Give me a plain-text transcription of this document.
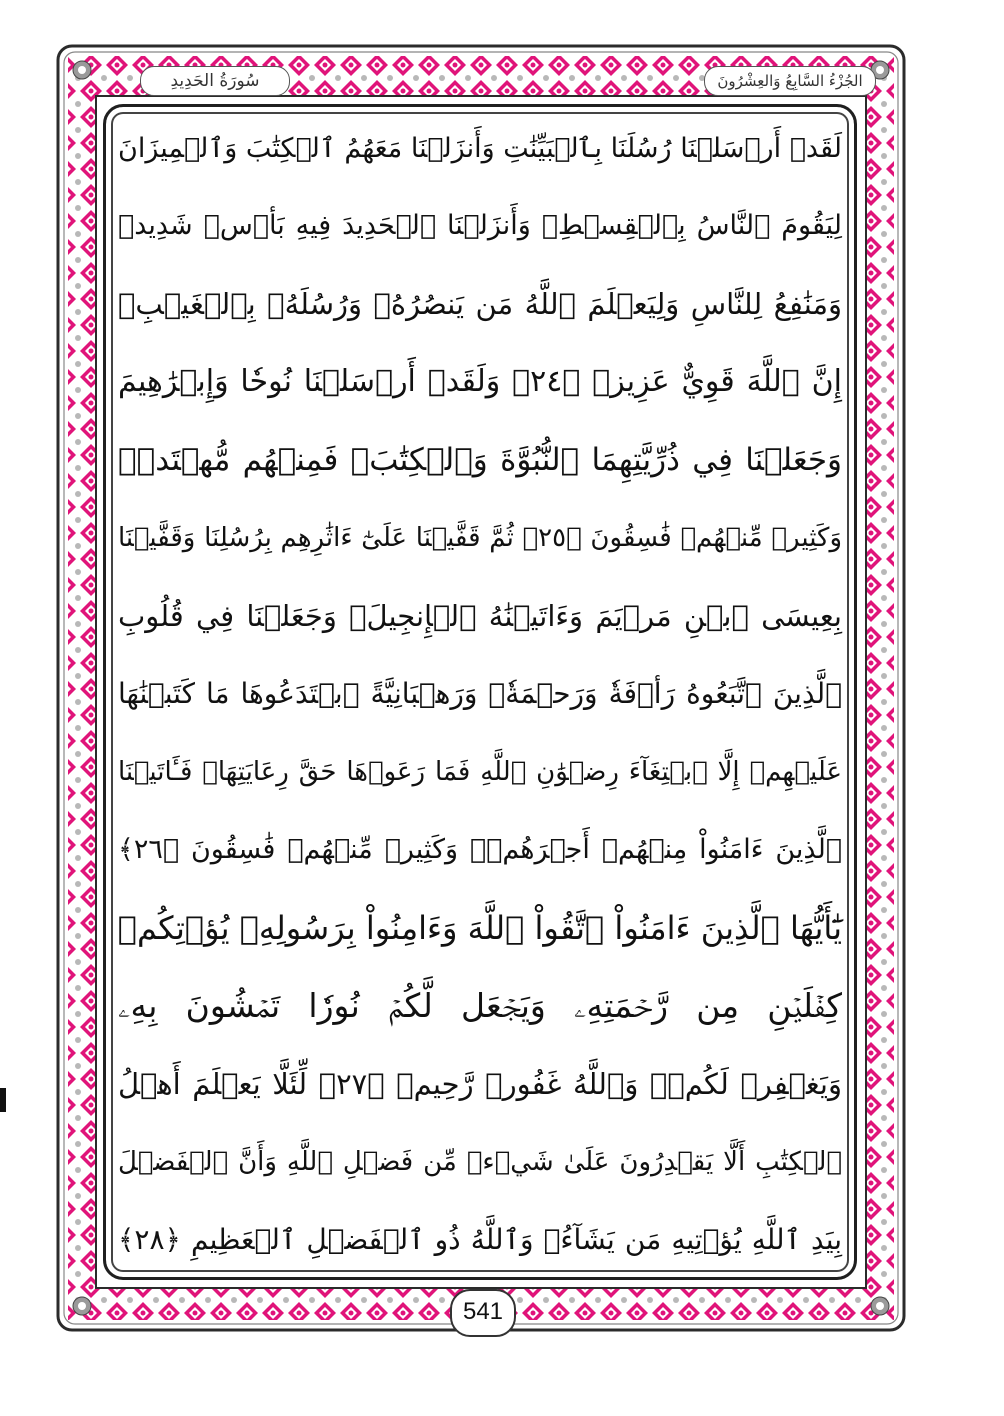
الجُزْءُ السَّابِعُ وَالعِشْرُونَ
سُورَةُ الحَدِيدِ
لَقَدۡ أَرۡسَلۡنَا رُسُلَنَا بِٱلۡبَيِّنَٰتِ وَأَنزَلۡنَا مَعَهُمُ ٱلۡكِتَٰبَ وَٱلۡمِيزَانَ
لِيَقُومَ ٱلنَّاسُ بِٱلۡقِسۡطِۖ وَأَنزَلۡنَا ٱلۡحَدِيدَ فِيهِ بَأۡسٞ شَدِيدٞ
وَمَنَٰفِعُ لِلنَّاسِ وَلِيَعۡلَمَ ٱللَّهُ مَن يَنصُرُهُۥ وَرُسُلَهُۥ بِٱلۡغَيۡبِۚ
إِنَّ ٱللَّهَ قَوِيٌّ عَزِيزٞ ﴿٢٤﴾ وَلَقَدۡ أَرۡسَلۡنَا نُوحٗا وَإِبۡرَٰهِيمَ
وَجَعَلۡنَا فِي ذُرِّيَّتِهِمَا ٱلنُّبُوَّةَ وَٱلۡكِتَٰبَۖ فَمِنۡهُم مُّهۡتَدٖۖ
وَكَثِيرٞ مِّنۡهُمۡ فَٰسِقُونَ ﴿٢٥﴾ ثُمَّ قَفَّيۡنَا عَلَىٰٓ ءَاثَٰرِهِم بِرُسُلِنَا وَقَفَّيۡنَا
بِعِيسَى ٱبۡنِ مَرۡيَمَ وَءَاتَيۡنَٰهُ ٱلۡإِنجِيلَۖ وَجَعَلۡنَا فِي قُلُوبِ
ٱلَّذِينَ ٱتَّبَعُوهُ رَأۡفَةٗ وَرَحۡمَةٗۚ وَرَهۡبَانِيَّةً ٱبۡتَدَعُوهَا مَا كَتَبۡنَٰهَا
عَلَيۡهِمۡ إِلَّا ٱبۡتِغَآءَ رِضۡوَٰنِ ٱللَّهِ فَمَا رَعَوۡهَا حَقَّ رِعَايَتِهَاۖ فَـَٔاتَيۡنَا
ٱلَّذِينَ ءَامَنُواْ مِنۡهُمۡ أَجۡرَهُمۡۖ وَكَثِيرٞ مِّنۡهُمۡ فَٰسِقُونَ ﴿٢٦﴾
يَٰٓأَيُّهَا ٱلَّذِينَ ءَامَنُواْ ٱتَّقُواْ ٱللَّهَ وَءَامِنُواْ بِرَسُولِهِۦ يُؤۡتِكُمۡ
كِفۡلَيۡنِ مِن رَّحۡمَتِهِۦ وَيَجۡعَل لَّكُمۡ نُورٗا تَمۡشُونَ بِهِۦ
وَيَغۡفِرۡ لَكُمۡۚ وَٱللَّهُ غَفُورٞ رَّحِيمٞ ﴿٢٧﴾ لِّئَلَّا يَعۡلَمَ أَهۡلُ
ٱلۡكِتَٰبِ أَلَّا يَقۡدِرُونَ عَلَىٰ شَيۡءٖ مِّن فَضۡلِ ٱللَّهِ وَأَنَّ ٱلۡفَضۡلَ
بِيَدِ ٱللَّهِ يُؤۡتِيهِ مَن يَشَآءُۚ وَٱللَّهُ ذُو ٱلۡفَضۡلِ ٱلۡعَظِيمِ ﴿٢٨﴾
541
